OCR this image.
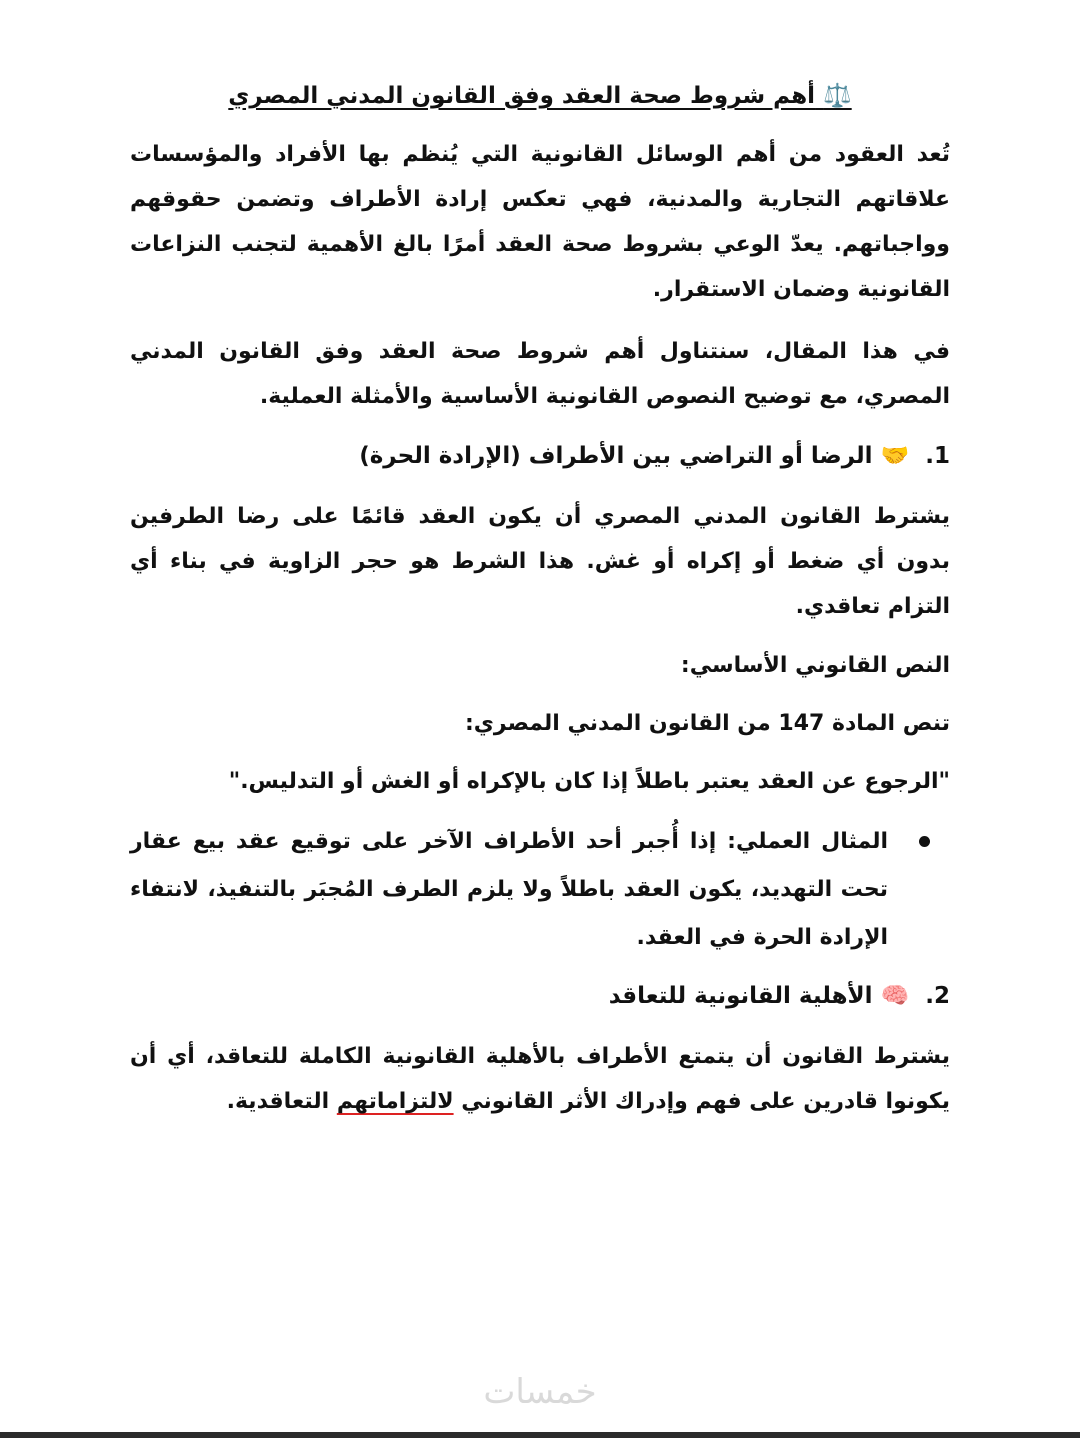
⚖️ أهم شروط صحة العقد وفق القانون المدني المصري

تُعد العقود من أهم الوسائل القانونية التي يُنظم بها الأفراد والمؤسسات علاقاتهم التجارية والمدنية، فهي تعكس إرادة الأطراف وتضمن حقوقهم وواجباتهم. يعدّ الوعي بشروط صحة العقد أمرًا بالغ الأهمية لتجنب النزاعات القانونية وضمان الاستقرار.

في هذا المقال، سنتناول أهم شروط صحة العقد وفق القانون المدني المصري، مع توضيح النصوص القانونية الأساسية والأمثلة العملية.

1. 🤝 الرضا أو التراضي بين الأطراف (الإرادة الحرة)

يشترط القانون المدني المصري أن يكون العقد قائمًا على رضا الطرفين بدون أي ضغط أو إكراه أو غش. هذا الشرط هو حجر الزاوية في بناء أي التزام تعاقدي.

النص القانوني الأساسي:
تنص المادة 147 من القانون المدني المصري:
"الرجوع عن العقد يعتبر باطلاً إذا كان بالإكراه أو الغش أو التدليس."
المثال العملي: إذا أُجبر أحد الأطراف الآخر على توقيع عقد بيع عقار تحت التهديد، يكون العقد باطلاً ولا يلزم الطرف المُجبَر بالتنفيذ، لانتفاء الإرادة الحرة في العقد.
2. 🧠 الأهلية القانونية للتعاقد

يشترط القانون أن يتمتع الأطراف بالأهلية القانونية الكاملة للتعاقد، أي أن يكونوا قادرين على فهم وإدراك الأثر القانوني لالتزاماتهم التعاقدية.

خمسات
